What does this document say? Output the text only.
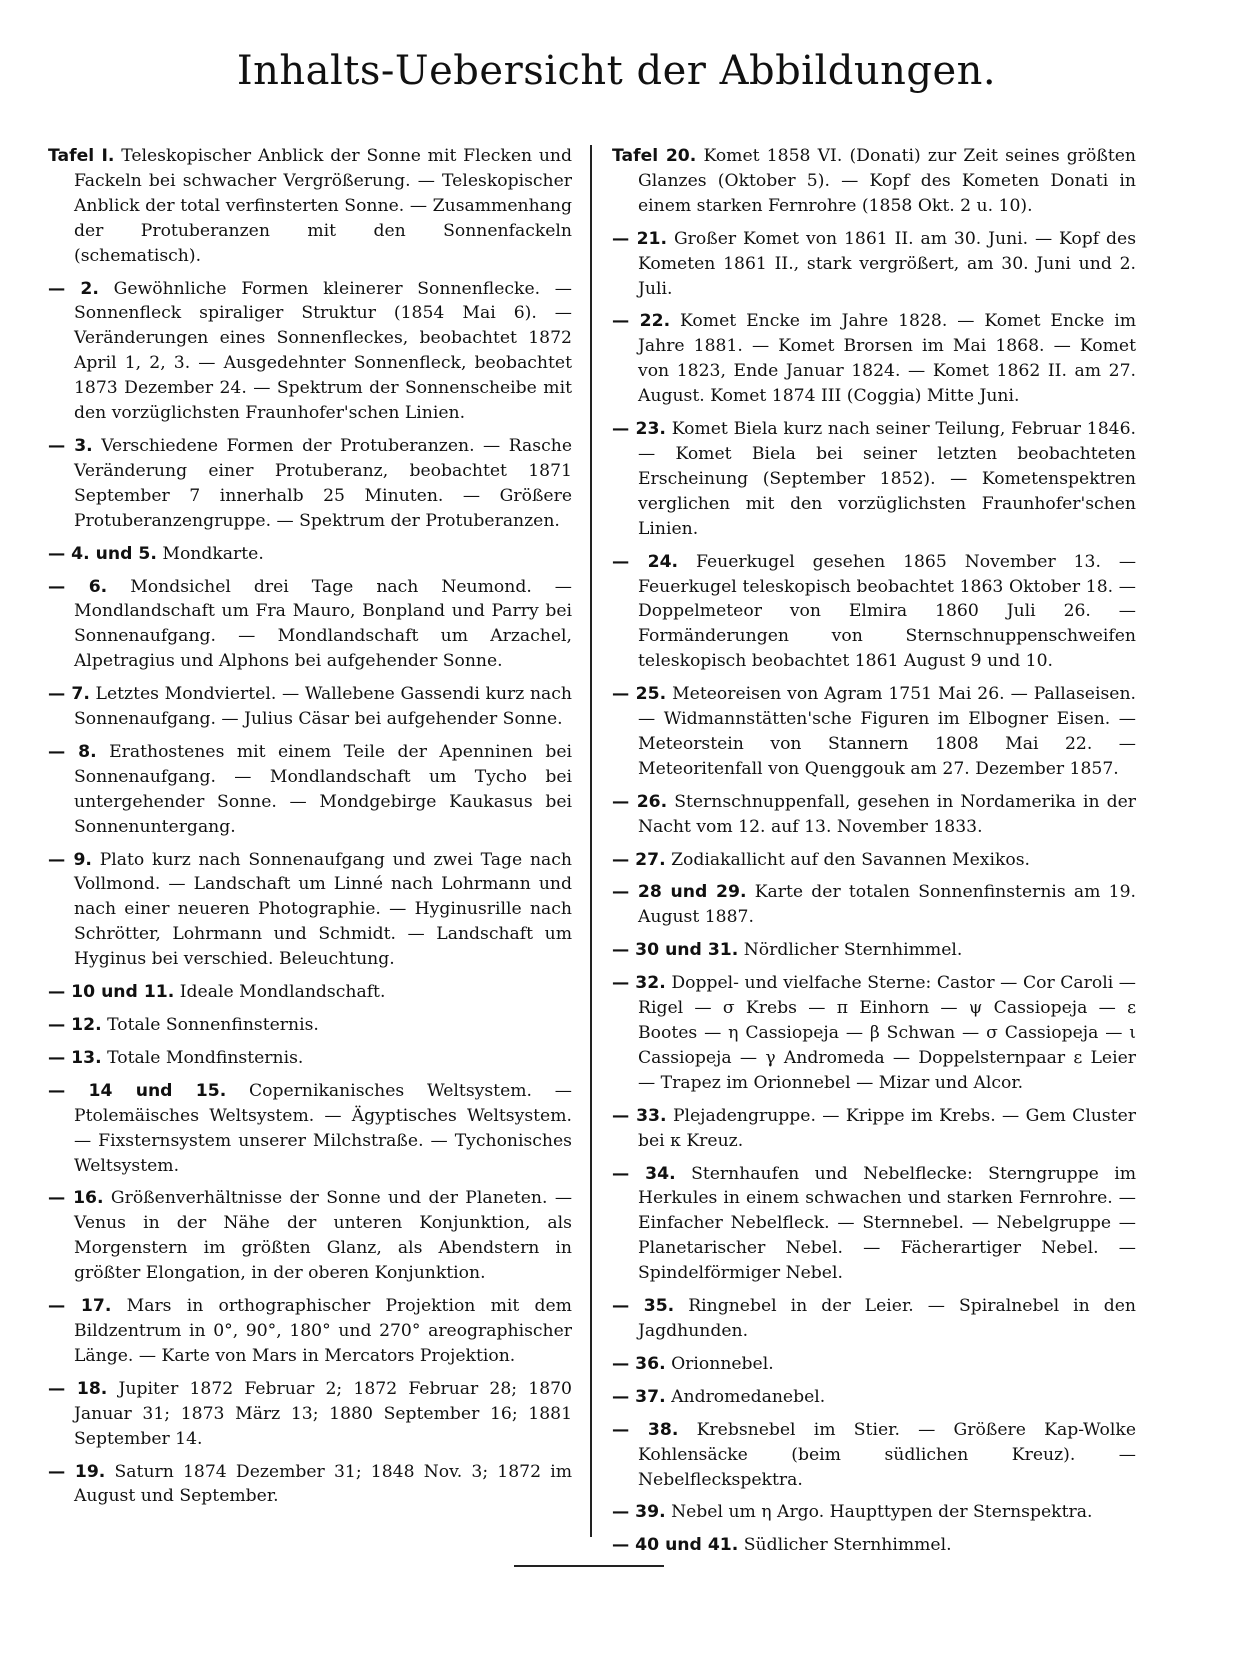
Inhalts-Uebersicht der Abbildungen.
Tafel I. Teleskopischer Anblick der Sonne mit Flecken und Fackeln bei schwacher Vergrößerung. — Teleskopischer Anblick der total verfinsterten Sonne. — Zusammenhang der Protuberanzen mit den Sonnenfackeln (schematisch).
— 2. Gewöhnliche Formen kleinerer Sonnenflecke. — Sonnenfleck spiraliger Struktur (1854 Mai 6). — Veränderungen eines Sonnenfleckes, beobachtet 1872 April 1, 2, 3. — Ausgedehnter Sonnenfleck, beobachtet 1873 Dezember 24. — Spektrum der Sonnenscheibe mit den vorzüglichsten Fraunhofer'schen Linien.
— 3. Verschiedene Formen der Protuberanzen. — Rasche Veränderung einer Protuberanz, beobachtet 1871 September 7 innerhalb 25 Minuten. — Größere Protuberanzengruppe. — Spektrum der Protuberanzen.
— 4. und 5. Mondkarte.
— 6. Mondsichel drei Tage nach Neumond. — Mondlandschaft um Fra Mauro, Bonpland und Parry bei Sonnenaufgang. — Mondlandschaft um Arzachel, Alpetragius und Alphons bei aufgehender Sonne.
— 7. Letztes Mondviertel. — Wallebene Gassendi kurz nach Sonnenaufgang. — Julius Cäsar bei aufgehender Sonne.
— 8. Erathostenes mit einem Teile der Apenninen bei Sonnenaufgang. — Mondlandschaft um Tycho bei untergehender Sonne. — Mondgebirge Kaukasus bei Sonnenuntergang.
— 9. Plato kurz nach Sonnenaufgang und zwei Tage nach Vollmond. — Landschaft um Linné nach Lohrmann und nach einer neueren Photographie. — Hyginusrille nach Schrötter, Lohrmann und Schmidt. — Landschaft um Hyginus bei verschied. Beleuchtung.
— 10 und 11. Ideale Mondlandschaft.
— 12. Totale Sonnenfinsternis.
— 13. Totale Mondfinsternis.
— 14 und 15. Copernikanisches Weltsystem. — Ptolemäisches Weltsystem. — Ägyptisches Weltsystem. — Fixsternsystem unserer Milchstraße. — Tychonisches Weltsystem.
— 16. Größenverhältnisse der Sonne und der Planeten. — Venus in der Nähe der unteren Konjunktion, als Morgenstern im größten Glanz, als Abendstern in größter Elongation, in der oberen Konjunktion.
— 17. Mars in orthographischer Projektion mit dem Bildzentrum in 0°, 90°, 180° und 270° areographischer Länge. — Karte von Mars in Mercators Projektion.
— 18. Jupiter 1872 Februar 2; 1872 Februar 28; 1870 Januar 31; 1873 März 13; 1880 September 16; 1881 September 14.
— 19. Saturn 1874 Dezember 31; 1848 Nov. 3; 1872 im August und September.
Tafel 20. Komet 1858 VI. (Donati) zur Zeit seines größten Glanzes (Oktober 5). — Kopf des Kometen Donati in einem starken Fernrohre (1858 Okt. 2 u. 10).
— 21. Großer Komet von 1861 II. am 30. Juni. — Kopf des Kometen 1861 II., stark vergrößert, am 30. Juni und 2. Juli.
— 22. Komet Encke im Jahre 1828. — Komet Encke im Jahre 1881. — Komet Brorsen im Mai 1868. — Komet von 1823, Ende Januar 1824. — Komet 1862 II. am 27. August. Komet 1874 III (Coggia) Mitte Juni.
— 23. Komet Biela kurz nach seiner Teilung, Februar 1846. — Komet Biela bei seiner letzten beobachteten Erscheinung (September 1852). — Kometenspektren verglichen mit den vorzüglichsten Fraunhofer'schen Linien.
— 24. Feuerkugel gesehen 1865 November 13. — Feuerkugel teleskopisch beobachtet 1863 Oktober 18. — Doppelmeteor von Elmira 1860 Juli 26. — Formänderungen von Sternschnuppenschweifen teleskopisch beobachtet 1861 August 9 und 10.
— 25. Meteoreisen von Agram 1751 Mai 26. — Pallaseisen. — Widmannstätten'sche Figuren im Elbogner Eisen. — Meteorstein von Stannern 1808 Mai 22. — Meteoritenfall von Quenggouk am 27. Dezember 1857.
— 26. Sternschnuppenfall, gesehen in Nordamerika in der Nacht vom 12. auf 13. November 1833.
— 27. Zodiakallicht auf den Savannen Mexikos.
— 28 und 29. Karte der totalen Sonnenfinsternis am 19. August 1887.
— 30 und 31. Nördlicher Sternhimmel.
— 32. Doppel- und vielfache Sterne: Castor — Cor Caroli — Rigel — σ Krebs — π Einhorn — ψ Cassiopeja — ε Bootes — η Cassiopeja — β Schwan — σ Cassiopeja — ι Cassiopeja — γ Andromeda — Doppelsternpaar ε Leier — Trapez im Orionnebel — Mizar und Alcor.
— 33. Plejadengruppe. — Krippe im Krebs. — Gem Cluster bei κ Kreuz.
— 34. Sternhaufen und Nebelflecke: Sterngruppe im Herkules in einem schwachen und starken Fernrohre. — Einfacher Nebelfleck. — Sternnebel. — Nebelgruppe — Planetarischer Nebel. — Fächerartiger Nebel. — Spindelförmiger Nebel.
— 35. Ringnebel in der Leier. — Spiralnebel in den Jagdhunden.
— 36. Orionnebel.
— 37. Andromedanebel.
— 38. Krebsnebel im Stier. — Größere Kap-Wolke Kohlensäcke (beim südlichen Kreuz). — Nebelfleckspektra.
— 39. Nebel um η Argo. Haupttypen der Sternspektra.
— 40 und 41. Südlicher Sternhimmel.
